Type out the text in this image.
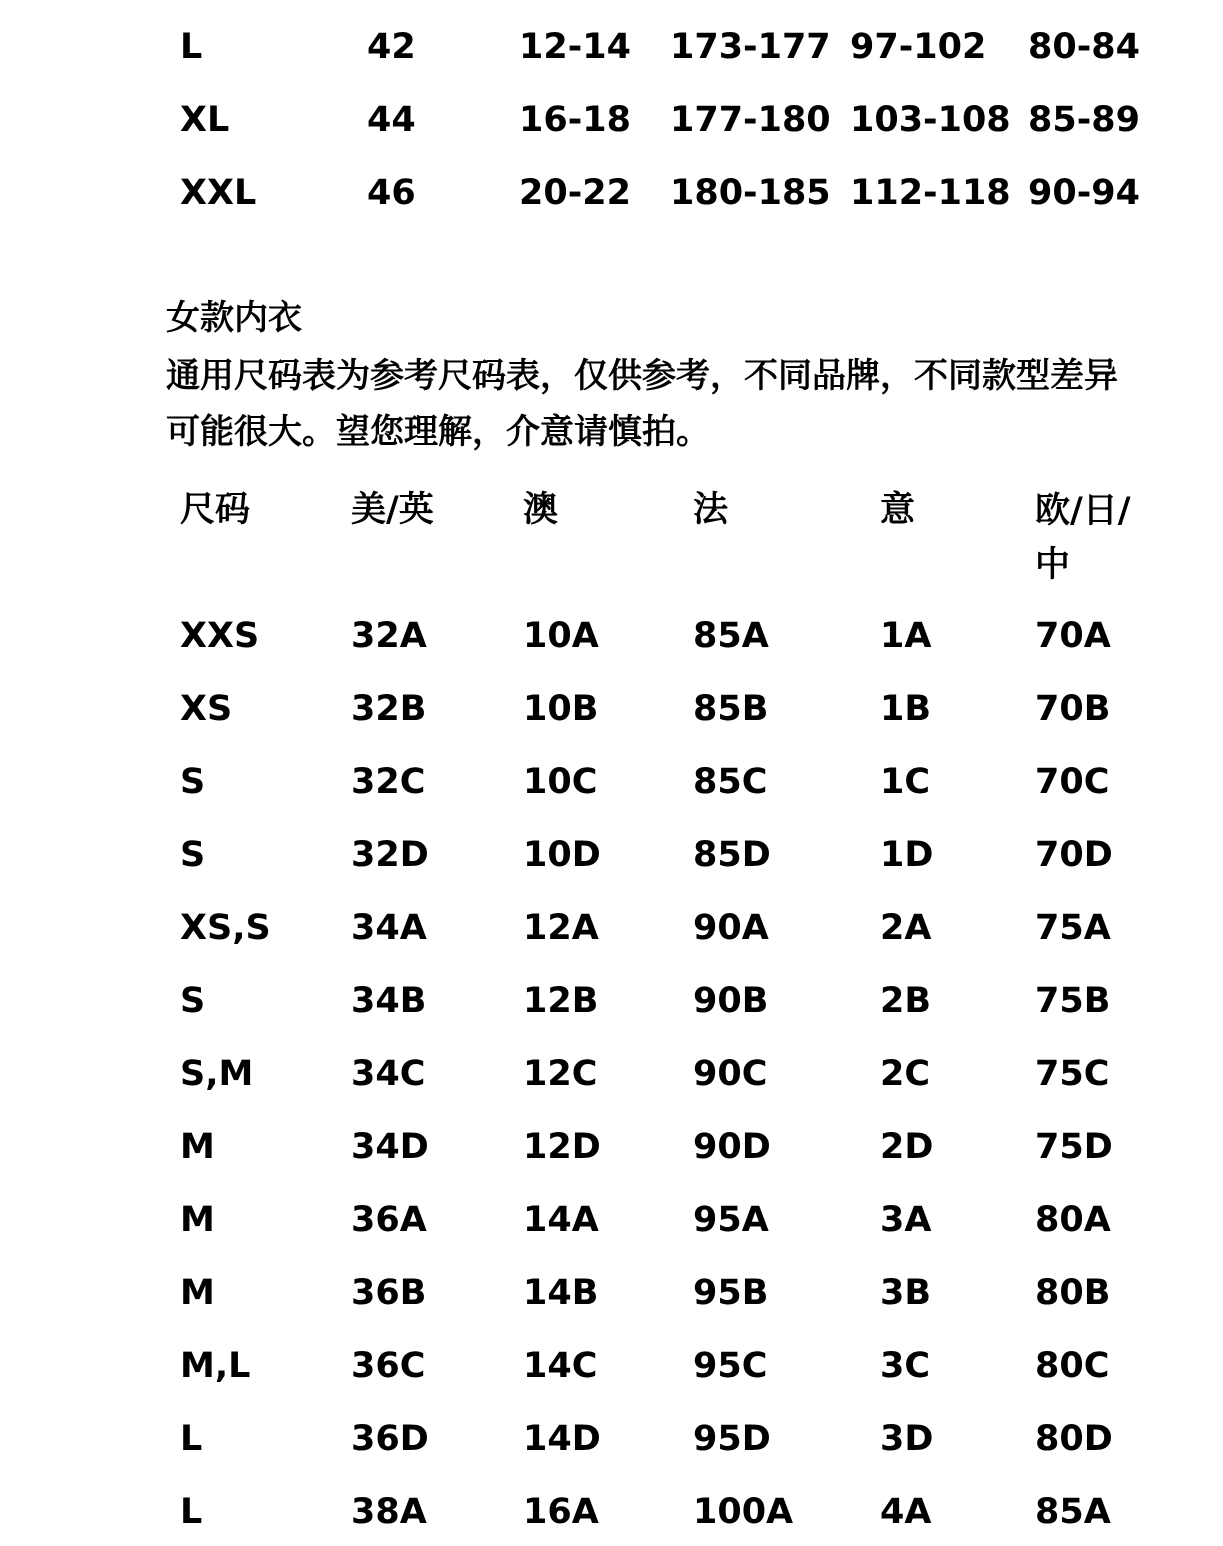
L	42	12-14 173-177 97-102 80-84
XL	44	16-18 177-180 103-108 85-89
XXL	46	20-22 180-185 112-118 90-94
女款内衣

通用尺码表为参考尺码表，仅供参考，不同品牌，不同款型差异

可能很大。望您理解，介意请慎拍。

尺码	美/英	澳	法	意	欧/日/中
XXS	32A	10A	85A	1A	70A
XS	32B	10B	85B	1B	70B
S	32C	10C	85C	1C	70C
S	32D	10D	85D	1D	70D
XS,S 34A	12A	90A	2A	75A
S	34B	12B	90B	2B	75B
S,M	34C	12C	90C	2C	75C
M	34D	12D	90D	2D	75D
M	36A	14A	95A	3A	80A
M	36B	14B	95B	3B	80B
M,L	36C	14C	95C	3C	80C
L	36D	14D	95D	3D	80D
L	38A	16A	100A 4A	85A
